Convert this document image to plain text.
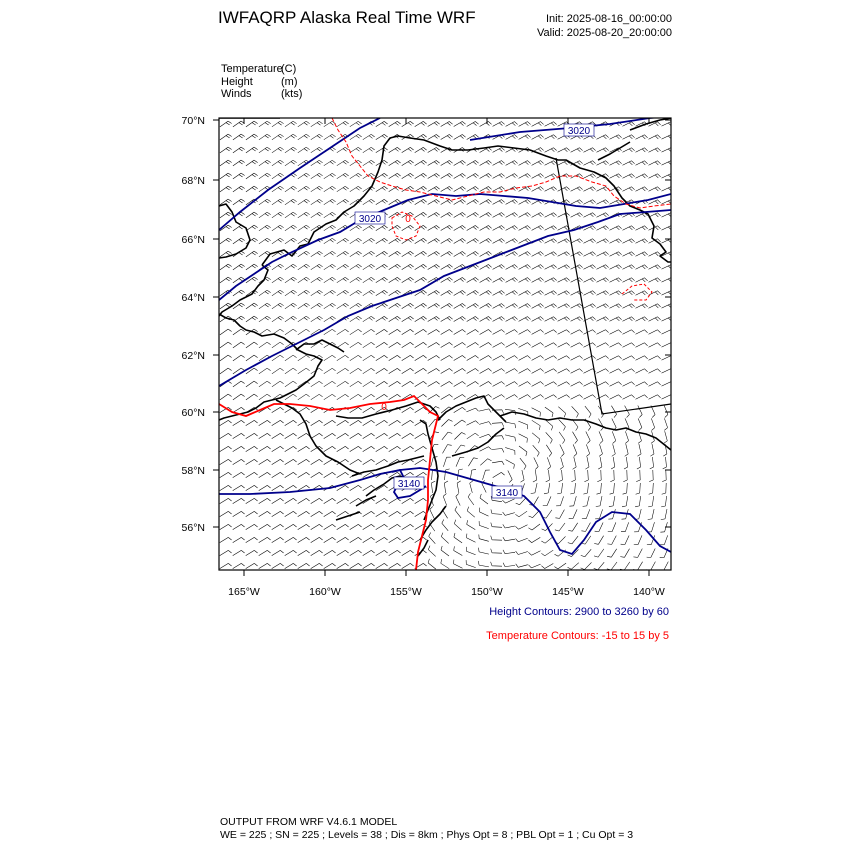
IWFAQRP Alaska Real Time WRF	Init: 2025-08-16_00:00:00
Valid: 2025-08-20_20:00:00
Temperature(C)
Height	(m)
Winds	(kts)
70°N
68°N
66°N
64°N
62°N
60°N
58°N
56°N
165°W	160°W	155°W	150°W	145°W	140°W
3020
3020
3140
3140
0
0
Height Contours: 2900 to 3260 by 60
Temperature Contours: -15 to 15 by 5
OUTPUT FROM WRF V4.6.1 MODEL
WE = 225 ; SN = 225 ; Levels = 38 ; Dis = 8km ; Phys Opt = 8 ; PBL Opt = 1 ; Cu Opt = 3
